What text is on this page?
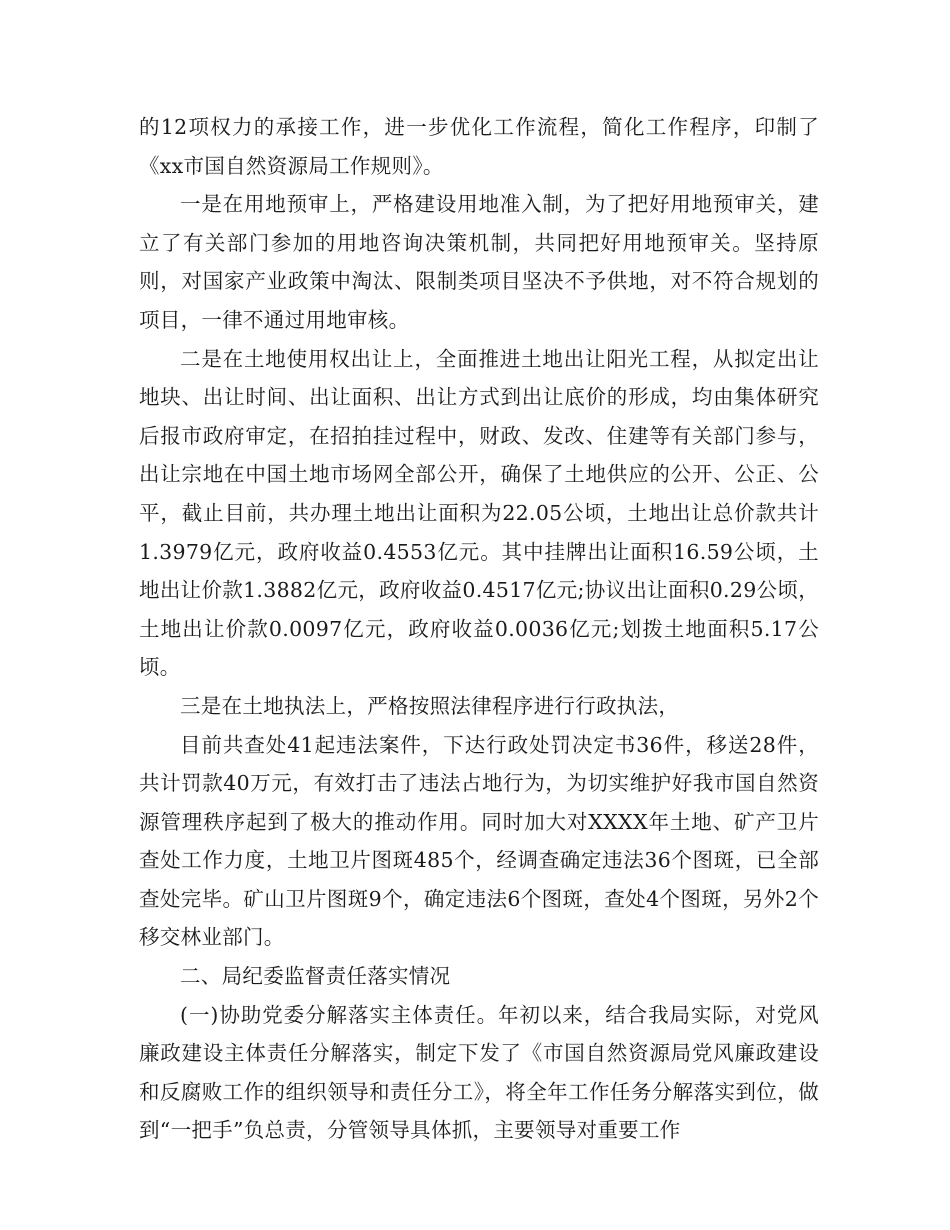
的12项权力的承接工作，进一步优化工作流程，简化工作程序，印制了《xx市国自然资源局工作规则》。

一是在用地预审上，严格建设用地准入制，为了把好用地预审关，建立了有关部门参加的用地咨询决策机制，共同把好用地预审关。坚持原则，对国家产业政策中淘汰、限制类项目坚决不予供地，对不符合规划的项目，一律不通过用地审核。

二是在土地使用权出让上，全面推进土地出让阳光工程，从拟定出让地块、出让时间、出让面积、出让方式到出让底价的形成，均由集体研究后报市政府审定，在招拍挂过程中，财政、发改、住建等有关部门参与，出让宗地在中国土地市场网全部公开，确保了土地供应的公开、公正、公平，截止目前，共办理土地出让面积为22.05公顷，土地出让总价款共计1.3979亿元，政府收益0.4553亿元。其中挂牌出让面积16.59公顷，土地出让价款1.3882亿元，政府收益0.4517亿元;协议出让面积0.29公顷，土地出让价款0.0097亿元，政府收益0.0036亿元;划拨土地面积5.17公顷。

三是在土地执法上，严格按照法律程序进行行政执法，

目前共查处41起违法案件，下达行政处罚决定书36件，移送28件，共计罚款40万元，有效打击了违法占地行为，为切实维护好我市国自然资源管理秩序起到了极大的推动作用。同时加大对XXXX年土地、矿产卫片查处工作力度，土地卫片图斑485个，经调查确定违法36个图斑，已全部查处完毕。矿山卫片图斑9个，确定违法6个图斑，查处4个图斑，另外2个移交林业部门。

二、局纪委监督责任落实情况

(一)协助党委分解落实主体责任。年初以来，结合我局实际，对党风廉政建设主体责任分解落实，制定下发了《市国自然资源局党风廉政建设和反腐败工作的组织领导和责任分工》，将全年工作任务分解落实到位，做到“一把手”负总责，分管领导具体抓，主要领导对重要工作
